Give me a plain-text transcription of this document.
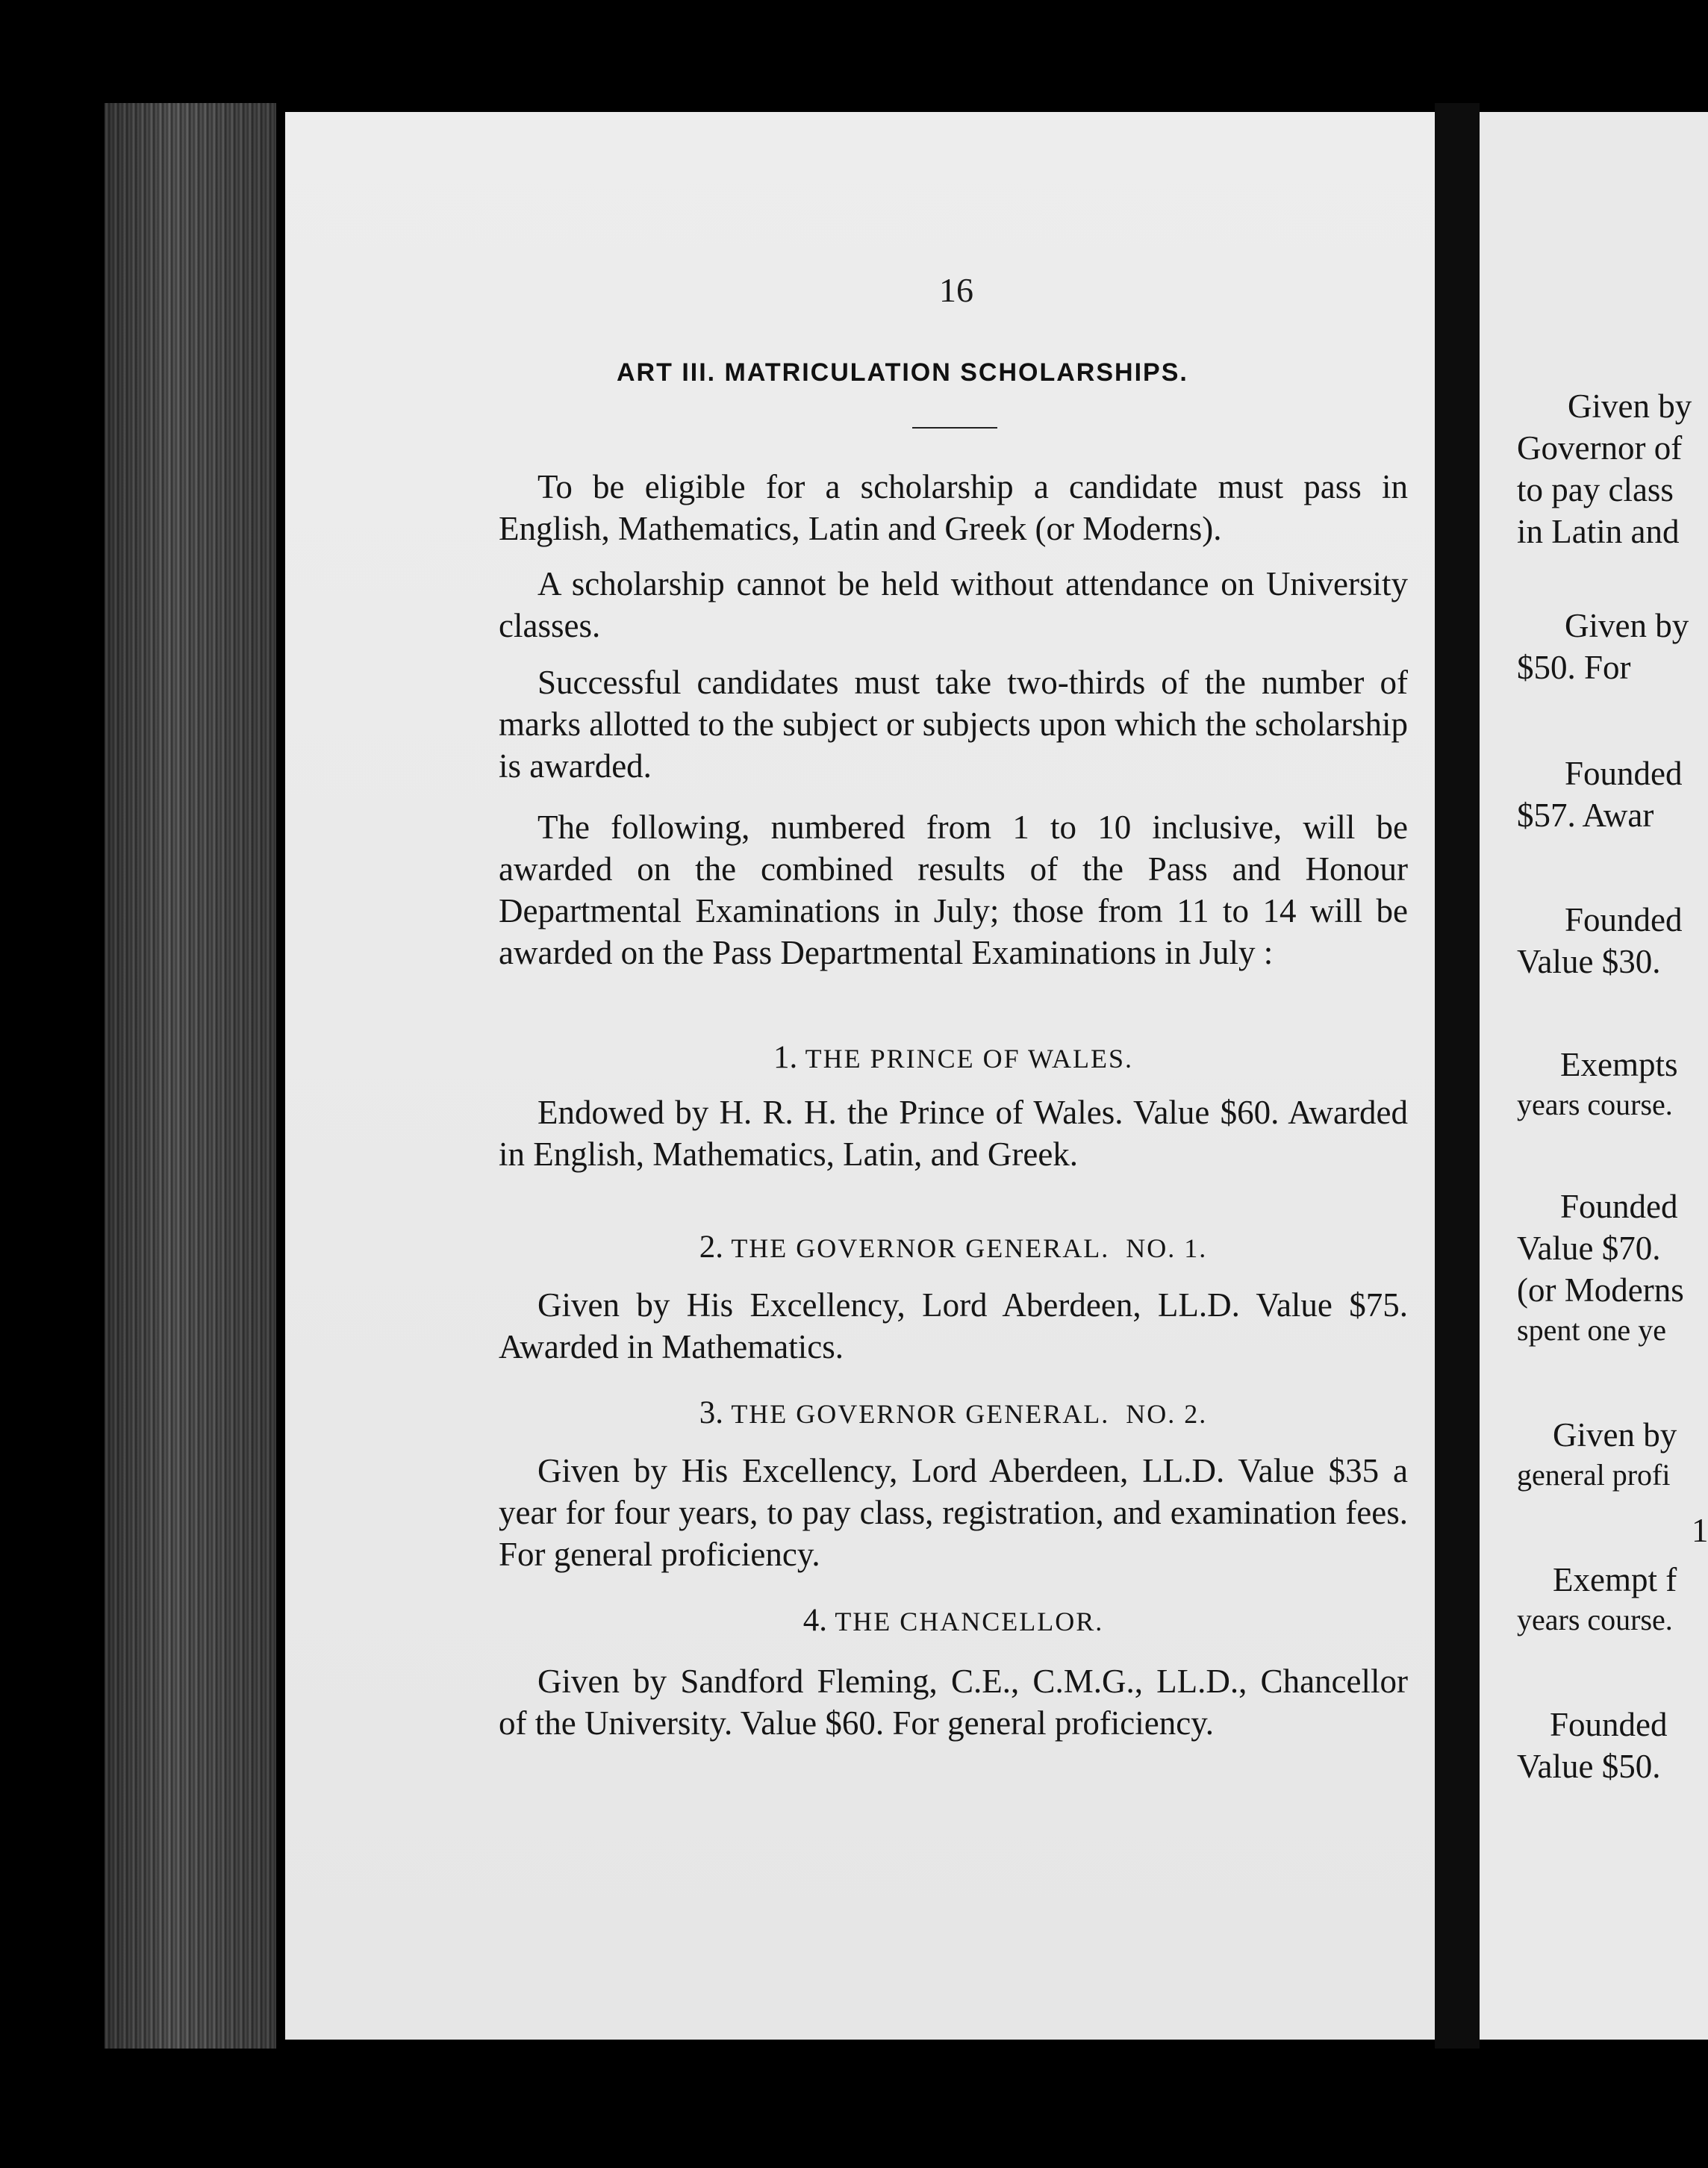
16
ART III. MATRICULATION SCHOLARSHIPS.
To be eligible for a scholarship a candidate must pass in English, Mathematics, Latin and Greek (or Moderns).
A scholarship cannot be held without attendance on University classes.
Successful candidates must take two-thirds of the number of marks allotted to the subject or subjects upon which the scholarship is awarded.
The following, numbered from 1 to 10 inclusive, will be awarded on the combined results of the Pass and Honour Departmental Examinations in July; those from 11 to 14 will be awarded on the Pass Departmental Examinations in July :
1. THE PRINCE OF WALES.
Endowed by H. R. H. the Prince of Wales. Value $60. Awarded in English, Mathematics, Latin, and Greek.
2. THE GOVERNOR GENERAL. NO. 1.
Given by His Excellency, Lord Aberdeen, LL.D. Value $75. Awarded in Mathematics.
3. THE GOVERNOR GENERAL. NO. 2.
Given by His Excellency, Lord Aberdeen, LL.D. Value $35 a year for four years, to pay class, registration, and examination fees. For general proficiency.
4. THE CHANCELLOR.
Given by Sandford Fleming, C.E., C.M.G., LL.D., Chancellor of the University. Value $60. For general proficiency.
Given by
Governor of
to pay class
in Latin and
Given by
$50. For
Founded
$57. Awar
Founded
Value $30.
Exempts
years course.
Founded
Value $70.
(or Moderns
spent one ye
Given by
general profi
1
Exempt f
years course.
Founded
Value $50.
